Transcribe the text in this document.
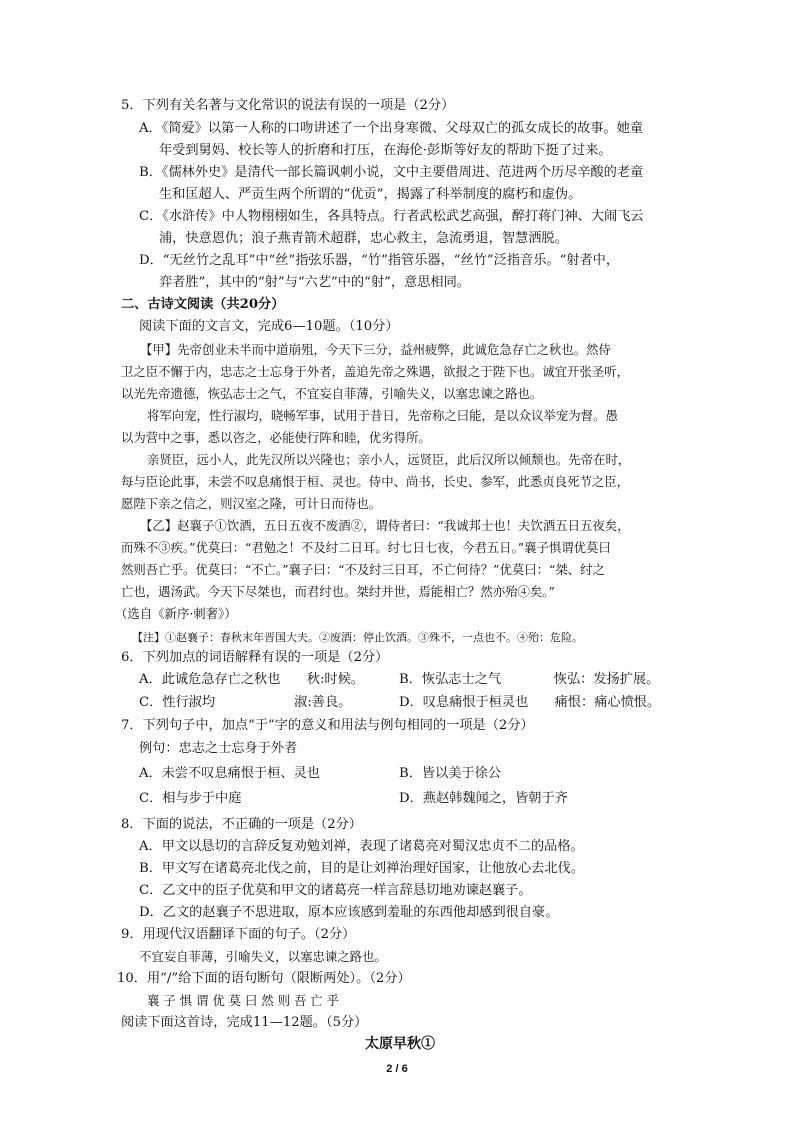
5．下列有关名著与文化常识的说法有误的一项是（2分）
A．《简爱》以第一人称的口吻讲述了一个出身寒微、父母双亡的孤女成长的故事。她童
年受到舅妈、校长等人的折磨和打压，在海伦·彭斯等好友的帮助下挺了过来。
B．《儒林外史》是清代一部长篇讽刺小说，文中主要借周进、范进两个历尽辛酸的老童
生和匡超人、严贡生两个所谓的“优贡”，揭露了科举制度的腐朽和虚伪。
C．《水浒传》中人物栩栩如生，各具特点。行者武松武艺高强，醉打蒋门神、大闹飞云
浦，快意恩仇；浪子燕青箭术超群，忠心救主，急流勇退，智慧洒脱。
D．“无丝竹之乱耳”中“丝”指弦乐器，“竹”指管乐器，“丝竹”泛指音乐。“射者中，
弈者胜”，其中的“射”与“六艺”中的“射”，意思相同。
二、古诗文阅读（共20分）
阅读下面的文言文，完成6—10题。（10分）
【甲】先帝创业未半而中道崩殂，今天下三分，益州疲弊，此诚危急存亡之秋也。然侍
卫之臣不懈于内，忠志之士忘身于外者，盖追先帝之殊遇，欲报之于陛下也。诚宜开张圣听，
以光先帝遗德，恢弘志士之气，不宜妄自菲薄，引喻失义，以塞忠谏之路也。
将军向宠，性行淑均，晓畅军事，试用于昔日，先帝称之曰能，是以众议举宠为督。愚
以为营中之事，悉以咨之，必能使行阵和睦，优劣得所。
亲贤臣，远小人，此先汉所以兴隆也；亲小人，远贤臣，此后汉所以倾颓也。先帝在时，
每与臣论此事，未尝不叹息痛恨于桓、灵也。侍中、尚书，长史、参军，此悉贞良死节之臣，
愿陛下亲之信之，则汉室之隆，可计日而待也。
【乙】赵襄子①饮酒，五日五夜不废酒②，谓侍者曰：“我诚邦士也！夫饮酒五日五夜矣，
而殊不③疾。”优莫曰：“君勉之！不及纣二日耳。纣七日七夜，今君五日。”襄子惧谓优莫曰
然则吾亡乎。优莫曰：“不亡。”襄子曰：“不及纣三日耳，不亡何待？”优莫曰：“桀、纣之
亡也，遇汤武。今天下尽桀也，而君纣也。桀纣并世，焉能相亡？然亦殆④矣。”
（选自《新序·刺奢》）
【注】①赵襄子：春秋末年晋国大夫。②废酒：停止饮酒。③殊不，一点也不。④殆：危险。
6．下列加点的词语解释有误的一项是（2分）
A．此诚危急存亡之秋也　　秋:时候。	B．恢弘志士之气　　　　恢弘：发扬扩展。
C．性行淑均　　　　　　淑:善良。	D．叹息痛恨于桓灵也　　痛恨：痛心愤恨。
7．下列句子中，加点“于”字的意义和用法与例句相同的一项是（2分）
例句：忠志之士忘身于外者
A．未尝不叹息痛恨于桓、灵也	B．皆以美于徐公
C．相与步于中庭	D．燕赵韩魏闻之，皆朝于齐
8．下面的说法，不正确的一项是（2分）
A．甲文以恳切的言辞反复劝勉刘禅，表现了诸葛亮对蜀汉忠贞不二的品格。
B．甲文写在诸葛亮北伐之前，目的是让刘禅治理好国家，让他放心去北伐。
C．乙文中的臣子优莫和甲文的诸葛亮一样言辞恳切地劝谏赵襄子。
D．乙文的赵襄子不思进取，原本应该感到羞耻的东西他却感到很自豪。
9．用现代汉语翻译下面的句子。（2分）
不宜妄自菲薄，引喻失义，以塞忠谏之路也。
10．用“/”给下面的语句断句（限断两处）。（2分）
襄 子 惧 谓 优 莫 曰 然 则 吾 亡 乎
阅读下面这首诗，完成11—12题。（5分）
太原早秋①
2 / 6
